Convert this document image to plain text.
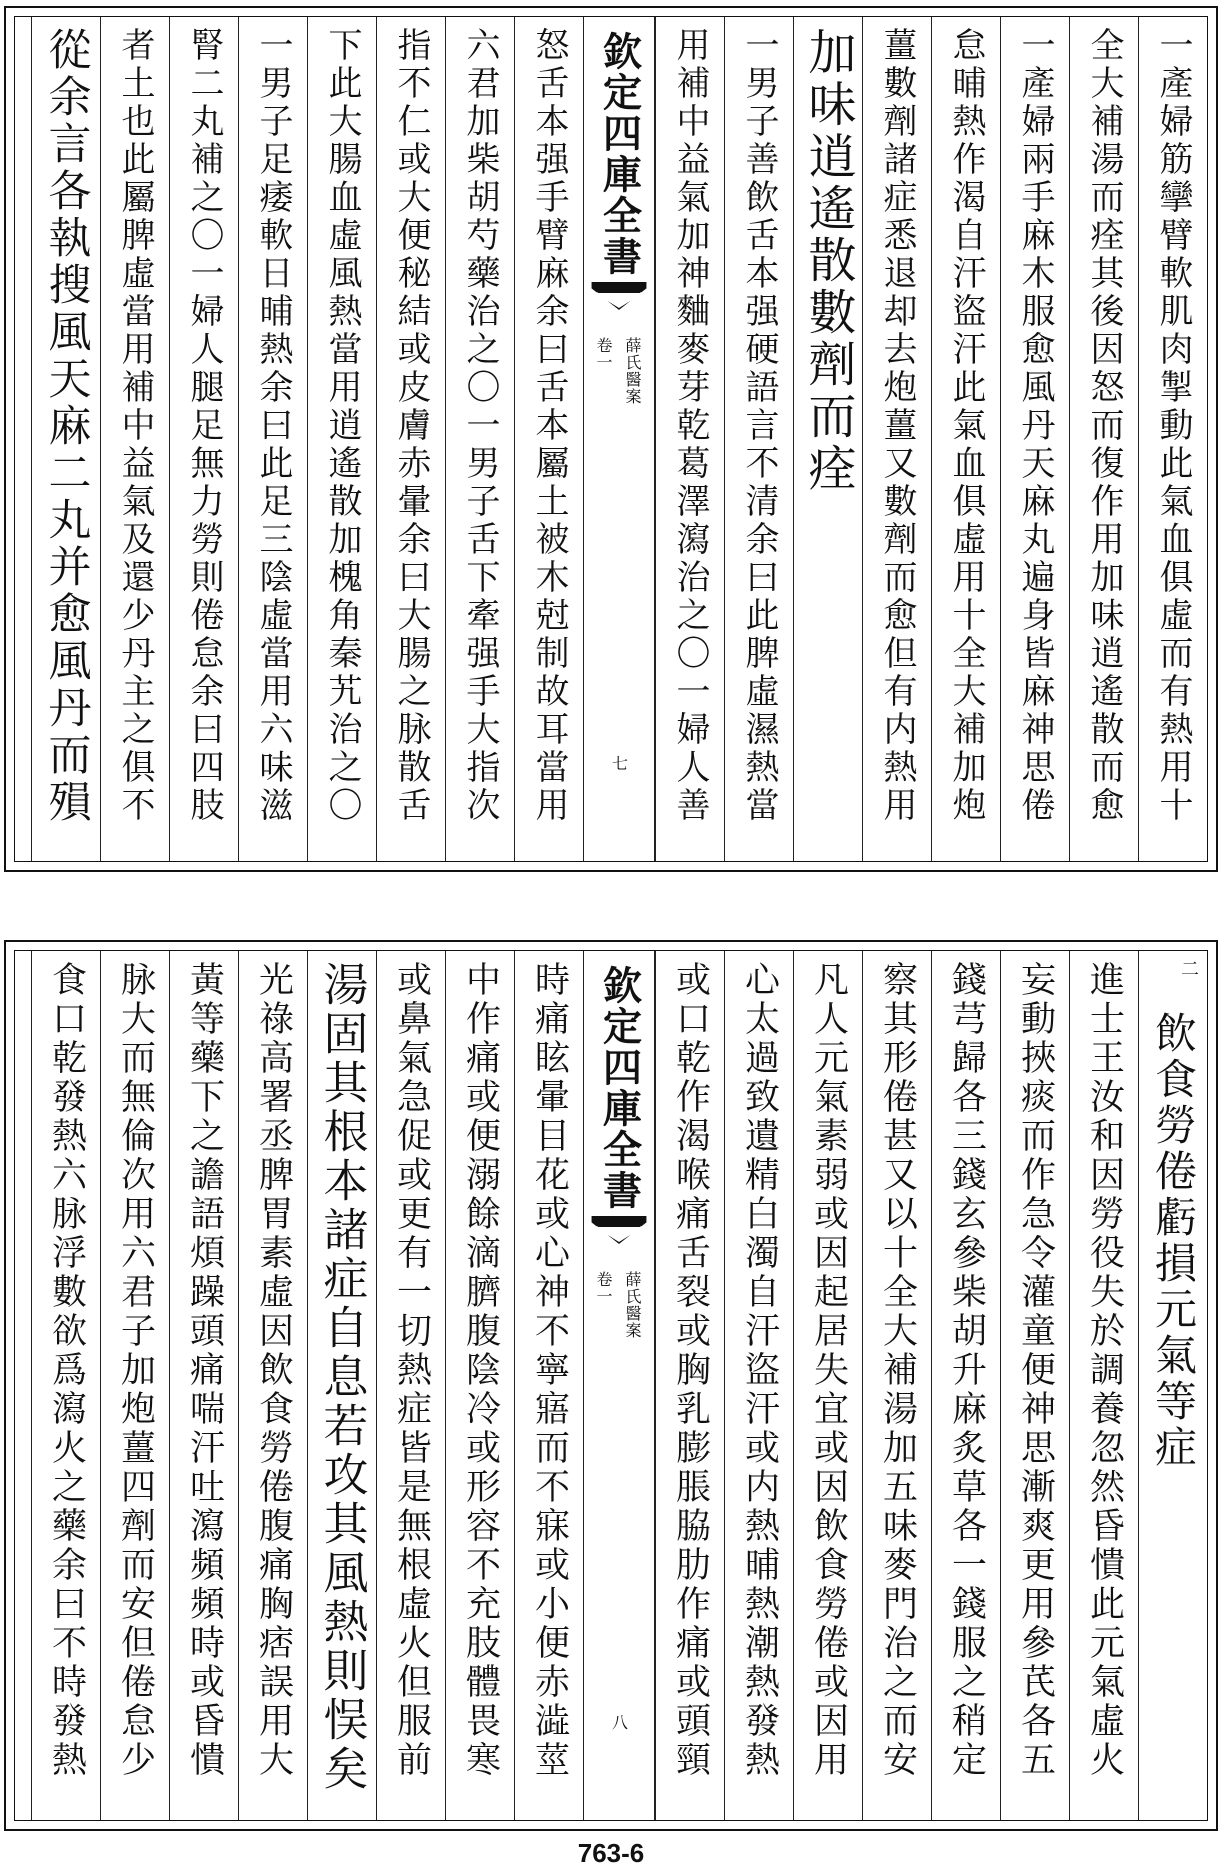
一產婦筋攣臂軟肌肉掣動此氣血俱虛而有熱用十
全大補湯而痊其後因怒而復作用加味逍遙散而愈
一產婦兩手麻木服愈風丹天麻丸遍身皆麻神思倦
怠晡熱作渴自汗盜汗此氣血俱虛用十全大補加炮
薑數劑諸症悉退却去炮薑又數劑而愈但有内熱用
加味逍遙散數劑而痊
一男子善飲舌本强硬語言不清余曰此脾虛濕熱當
用補中益氣加神麯麥芽乾葛澤瀉治之〇一婦人善
欽定四庫全書
卷一 薛氏醫案
七
怒舌本强手臂麻余曰舌本屬土被木尅制故耳當用
六君加柴胡芍藥治之〇一男子舌下牽强手大指次
指不仁或大便秘結或皮膚赤暈余曰大腸之脉散舌
下此大腸血虛風熱當用逍遙散加槐角秦艽治之〇
一男子足痿軟日晡熱余曰此足三陰虛當用六味滋
腎二丸補之〇一婦人腿足無力勞則倦怠余曰四肢
者土也此屬脾虛當用補中益氣及還少丹主之俱不
從余言各執搜風天麻二丸并愈風丹而殞
飲食勞倦虧損元氣等症
進士王汝和因勞役失於調養忽然昏憒此元氣虛火
妄動挾痰而作急令灌童便神思漸爽更用參芪各五
錢芎歸各三錢玄參柴胡升麻炙草各一錢服之稍定
察其形倦甚又以十全大補湯加五味麥門治之而安
凡人元氣素弱或因起居失宜或因飲食勞倦或因用
心太過致遺精白濁自汗盜汗或内熱晡熱潮熱發熱
或口乾作渴喉痛舌裂或胸乳膨脹脇肋作痛或頭頸
欽定四庫全書
卷一 薛氏醫案
八
時痛眩暈目花或心神不寧寤而不寐或小便赤澁莖
中作痛或便溺餘滴臍腹陰冷或形容不充肢體畏寒
或鼻氣急促或更有一切熱症皆是無根虛火但服前
湯固其根本諸症自息若攻其風熱則悮矣
光祿高署丞脾胃素虛因飲食勞倦腹痛胸痞誤用大
黃等藥下之譫語煩躁頭痛喘汗吐瀉頻頻時或昏憒
脉大而無倫次用六君子加炮薑四劑而安但倦怠少
食口乾發熱六脉浮數欲爲瀉火之藥余曰不時發熱	二
763-6
